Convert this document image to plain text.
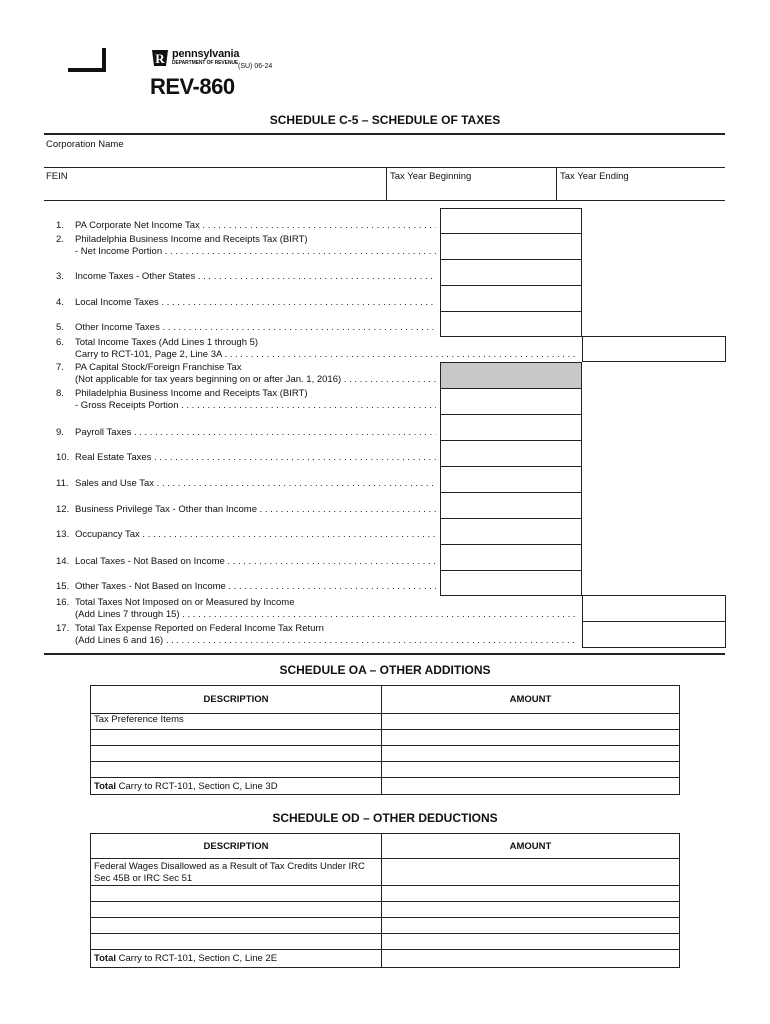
R pennsylvania
DEPARTMENT OF REVENUE (SU) 06-24
REV-860
SCHEDULE C-5 – SCHEDULE OF TAXES
Corporation Name
FEIN	Tax Year Beginning	Tax Year Ending
1. PA Corporate Net Income Tax . . .
2. Philadelphia Business Income and Receipts Tax (BIRT)
- Net Income Portion . . .
3. Income Taxes - Other States . . .
4. Local Income Taxes . . .
5. Other Income Taxes . . .
6. Total Income Taxes (Add Lines 1 through 5)
Carry to RCT-101, Page 2, Line 3A . . .
7. PA Capital Stock/Foreign Franchise Tax
(Not applicable for tax years beginning on or after Jan. 1, 2016) . . .
8. Philadelphia Business Income and Receipts Tax (BIRT)
- Gross Receipts Portion . . .
9. Payroll Taxes . . .
10. Real Estate Taxes . . .
11. Sales and Use Tax . . .
12. Business Privilege Tax - Other than Income . . .
13. Occupancy Tax . . .
14. Local Taxes - Not Based on Income . . .
15. Other Taxes - Not Based on Income . . .
16. Total Taxes Not Imposed on or Measured by Income
(Add Lines 7 through 15) . . .
17. Total Tax Expense Reported on Federal Income Tax Return
(Add Lines 6 and 16) . . .
SCHEDULE OA – OTHER ADDITIONS
DESCRIPTION	AMOUNT
Tax Preference Items	

Total Carry to RCT-101, Section C, Line 3D	
SCHEDULE OD – OTHER DEDUCTIONS
DESCRIPTION	AMOUNT
Federal Wages Disallowed as a Result of Tax Credits Under IRC Sec 45B or IRC Sec 51	

Total Carry to RCT-101, Section C, Line 2E	
